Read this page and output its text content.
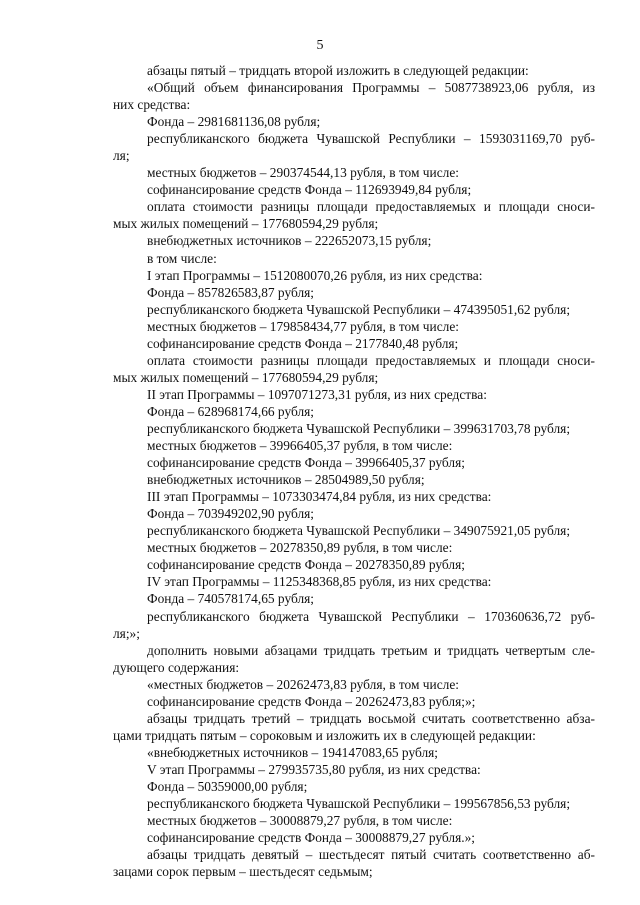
5
абзацы пятый – тридцать второй изложить в следующей редакции:
«Общий объем финансирования Программы – 5087738923,06 рубля, из
них средства:
Фонда – 2981681136,08 рубля;
республиканского бюджета Чувашской Республики – 1593031169,70 руб-
ля;
местных бюджетов – 290374544,13 рубля, в том числе:
софинансирование средств Фонда – 112693949,84 рубля;
оплата стоимости разницы площади предоставляемых и площади сноси-
мых жилых помещений – 177680594,29 рубля;
внебюджетных источников – 222652073,15 рубля;
в том числе:
I этап Программы – 1512080070,26 рубля, из них средства:
Фонда – 857826583,87 рубля;
республиканского бюджета Чувашской Республики – 474395051,62 рубля;
местных бюджетов – 179858434,77 рубля, в том числе:
софинансирование средств Фонда – 2177840,48 рубля;
оплата стоимости разницы площади предоставляемых и площади сноси-
мых жилых помещений – 177680594,29 рубля;
II этап Программы – 1097071273,31 рубля, из них средства:
Фонда – 628968174,66 рубля;
республиканского бюджета Чувашской Республики – 399631703,78 рубля;
местных бюджетов – 39966405,37 рубля, в том числе:
софинансирование средств Фонда – 39966405,37 рубля;
внебюджетных источников – 28504989,50 рубля;
III этап Программы – 1073303474,84 рубля, из них средства:
Фонда – 703949202,90 рубля;
республиканского бюджета Чувашской Республики – 349075921,05 рубля;
местных бюджетов – 20278350,89 рубля, в том числе:
софинансирование средств Фонда – 20278350,89 рубля;
IV этап Программы – 1125348368,85 рубля, из них средства:
Фонда – 740578174,65 рубля;
республиканского бюджета Чувашской Республики – 170360636,72 руб-
ля;»;
дополнить новыми абзацами тридцать третьим и тридцать четвертым сле-
дующего содержания:
«местных бюджетов – 20262473,83 рубля, в том числе:
софинансирование средств Фонда – 20262473,83 рубля;»;
абзацы тридцать третий – тридцать восьмой считать соответственно абза-
цами тридцать пятым – сороковым и изложить их в следующей редакции:
«внебюджетных источников – 194147083,65 рубля;
V этап Программы – 279935735,80 рубля, из них средства:
Фонда – 50359000,00 рубля;
республиканского бюджета Чувашской Республики – 199567856,53 рубля;
местных бюджетов – 30008879,27 рубля, в том числе:
софинансирование средств Фонда – 30008879,27 рубля.»;
абзацы тридцать девятый – шестьдесят пятый считать соответственно аб-
зацами сорок первым – шестьдесят седьмым;
